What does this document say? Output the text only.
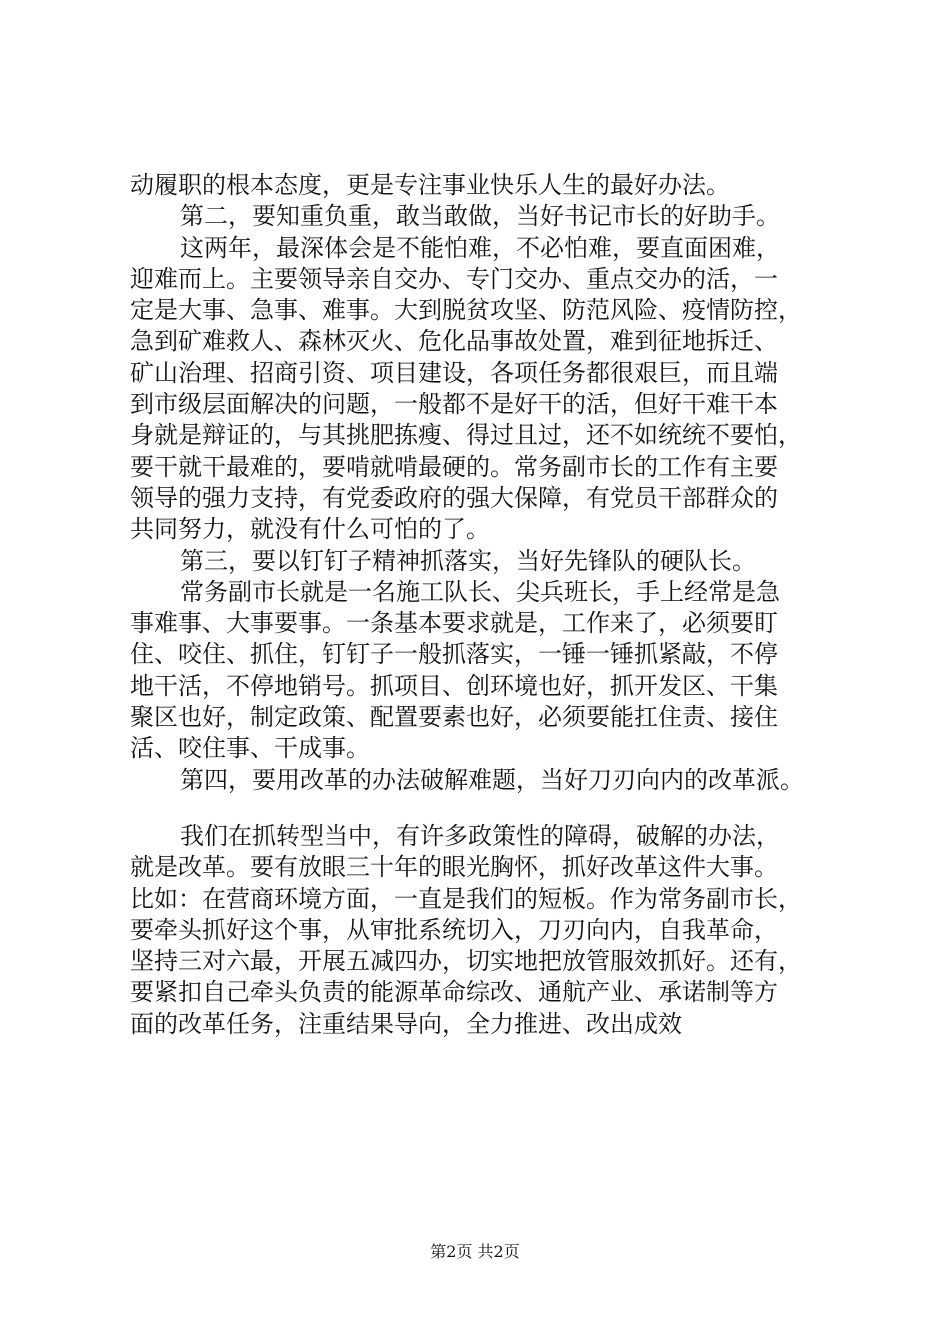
动履职的根本态度，更是专注事业快乐人生的最好办法。
第二，要知重负重，敢当敢做，当好书记市长的好助手。
这两年，最深体会是不能怕难，不必怕难，要直面困难，
迎难而上。主要领导亲自交办、专门交办、重点交办的活，一
定是大事、急事、难事。大到脱贫攻坚、防范风险、疫情防控，
急到矿难救人、森林灭火、危化品事故处置，难到征地拆迁、
矿山治理、招商引资、项目建设，各项任务都很艰巨，而且端
到市级层面解决的问题，一般都不是好干的活，但好干难干本
身就是辩证的，与其挑肥拣瘦、得过且过，还不如统统不要怕，
要干就干最难的，要啃就啃最硬的。常务副市长的工作有主要
领导的强力支持，有党委政府的强大保障，有党员干部群众的
共同努力，就没有什么可怕的了。
第三，要以钉钉子精神抓落实，当好先锋队的硬队长。
常务副市长就是一名施工队长、尖兵班长，手上经常是急
事难事、大事要事。一条基本要求就是，工作来了，必须要盯
住、咬住、抓住，钉钉子一般抓落实，一锤一锤抓紧敲，不停
地干活，不停地销号。抓项目、创环境也好，抓开发区、干集
聚区也好，制定政策、配置要素也好，必须要能扛住责、接住
活、咬住事、干成事。
第四，要用改革的办法破解难题，当好刀刃向内的改革派。
我们在抓转型当中，有许多政策性的障碍，破解的办法，
就是改革。要有放眼三十年的眼光胸怀，抓好改革这件大事。
比如：在营商环境方面，一直是我们的短板。作为常务副市长，
要牵头抓好这个事，从审批系统切入，刀刃向内，自我革命，
坚持三对六最，开展五减四办，切实地把放管服效抓好。还有，
要紧扣自己牵头负责的能源革命综改、通航产业、承诺制等方
面的改革任务，注重结果导向，全力推进、改出成效
第2页 共2页
